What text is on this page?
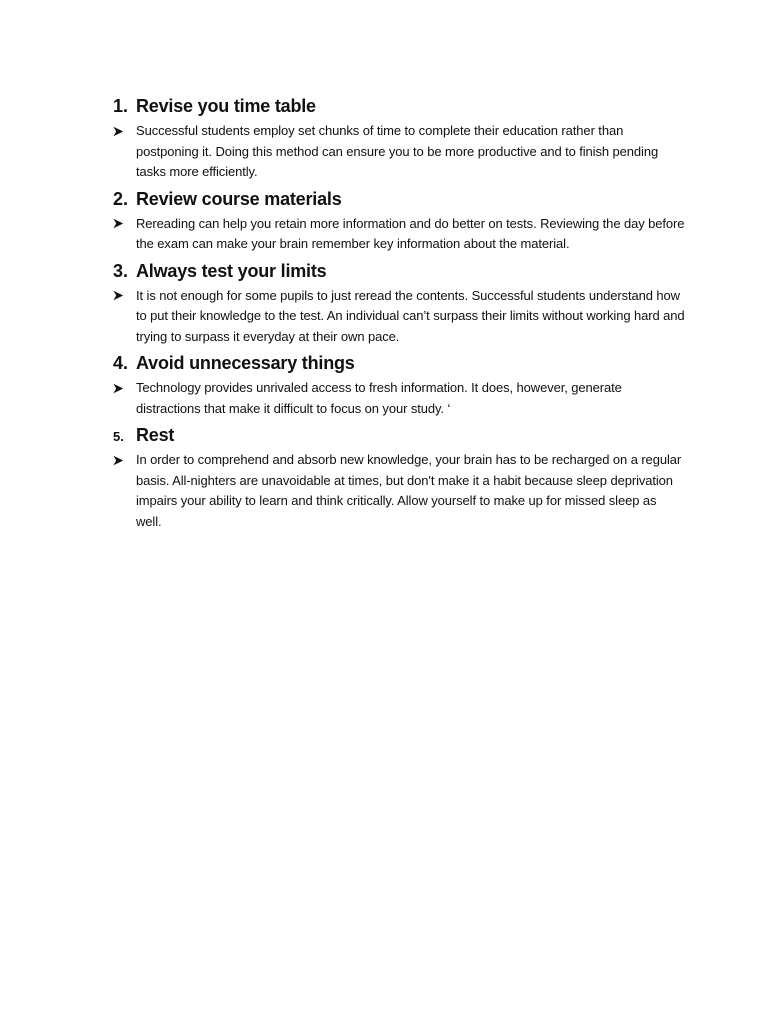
1. Revise you time table
Successful students employ set chunks of time to complete their education rather than postponing it. Doing this method can ensure you to be more productive and to finish pending tasks more efficiently.
2. Review course materials
Rereading can help you retain more information and do better on tests. Reviewing the day before the exam can make your brain remember key information about the material.
3. Always test your limits
It is not enough for some pupils to just reread the contents. Successful students understand how to put their knowledge to the test. An individual can’t surpass their limits without working hard and trying to surpass it everyday at their own pace.
4. Avoid unnecessary things
Technology provides unrivaled access to fresh information. It does, however, generate distractions that make it difficult to focus on your study. ‘
5. Rest
In order to comprehend and absorb new knowledge, your brain has to be recharged on a regular basis. All-nighters are unavoidable at times, but don't make it a habit because sleep deprivation impairs your ability to learn and think critically. Allow yourself to make up for missed sleep as well.
